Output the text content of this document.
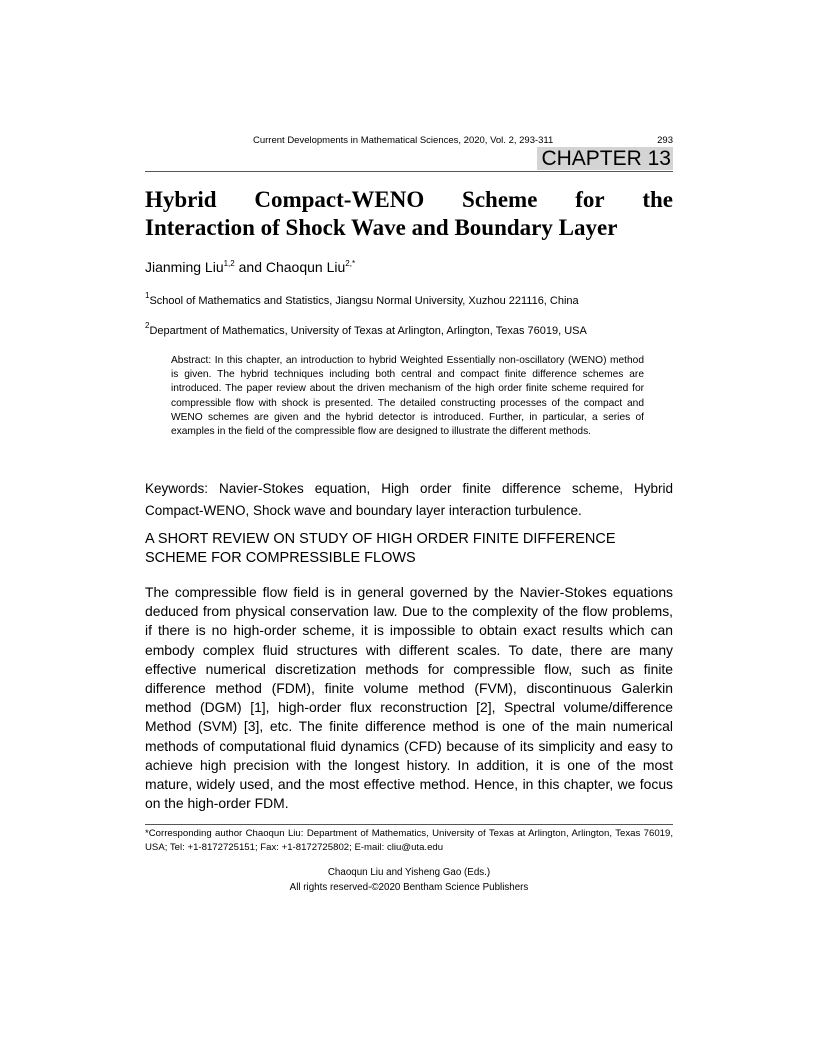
Current Developments in Mathematical Sciences, 2020, Vol. 2, 293-311	293
CHAPTER 13
Hybrid Compact-WENO Scheme for the
Interaction of Shock Wave and Boundary Layer
Jianming Liu$^{1,2}$ and Chaoqun Liu$^{2,*}$
$^1$School of Mathematics and Statistics, Jiangsu Normal University, Xuzhou 221116, China
$^2$Department of Mathematics, University of Texas at Arlington, Arlington, Texas 76019, USA

Abstract: In this chapter, an introduction to hybrid Weighted Essentially non-oscillatory (WENO) method is given. The hybrid techniques including both central and compact finite difference schemes are introduced. The paper review about the driven mechanism of the high order finite scheme required for compressible flow with shock is presented. The detailed constructing processes of the compact and WENO schemes are given and the hybrid detector is introduced. Further, in particular, a series of examples in the field of the compressible flow are designed to illustrate the different methods.

Keywords: Navier-Stokes equation, High order finite difference scheme, Hybrid Compact-WENO, Shock wave and boundary layer interaction turbulence.

A SHORT REVIEW ON STUDY OF HIGH ORDER FINITE DIFFERENCE SCHEME FOR COMPRESSIBLE FLOWS

The compressible flow field is in general governed by the Navier-Stokes equations deduced from physical conservation law. Due to the complexity of the flow problems, if there is no high-order scheme, it is impossible to obtain exact results which can embody complex fluid structures with different scales. To date, there are many effective numerical discretization methods for compressible flow, such as finite difference method (FDM), finite volume method (FVM), discontinuous Galerkin method (DGM) [1], high-order flux reconstruction [2], Spectral volume/difference Method (SVM) [3], etc. The finite difference method is one of the main numerical methods of computational fluid dynamics (CFD) because of its simplicity and easy to achieve high precision with the longest history. In addition, it is one of the most mature, widely used, and the most effective method. Hence, in this chapter, we focus on the high-order FDM.

*Corresponding author Chaoqun Liu: Department of Mathematics, University of Texas at Arlington, Arlington, Texas 76019, USA; Tel: +1-8172725151; Fax: +1-8172725802; E-mail: cliu@uta.edu

Chaoqun Liu and Yisheng Gao (Eds.)
All rights reserved-©2020 Bentham Science Publishers
